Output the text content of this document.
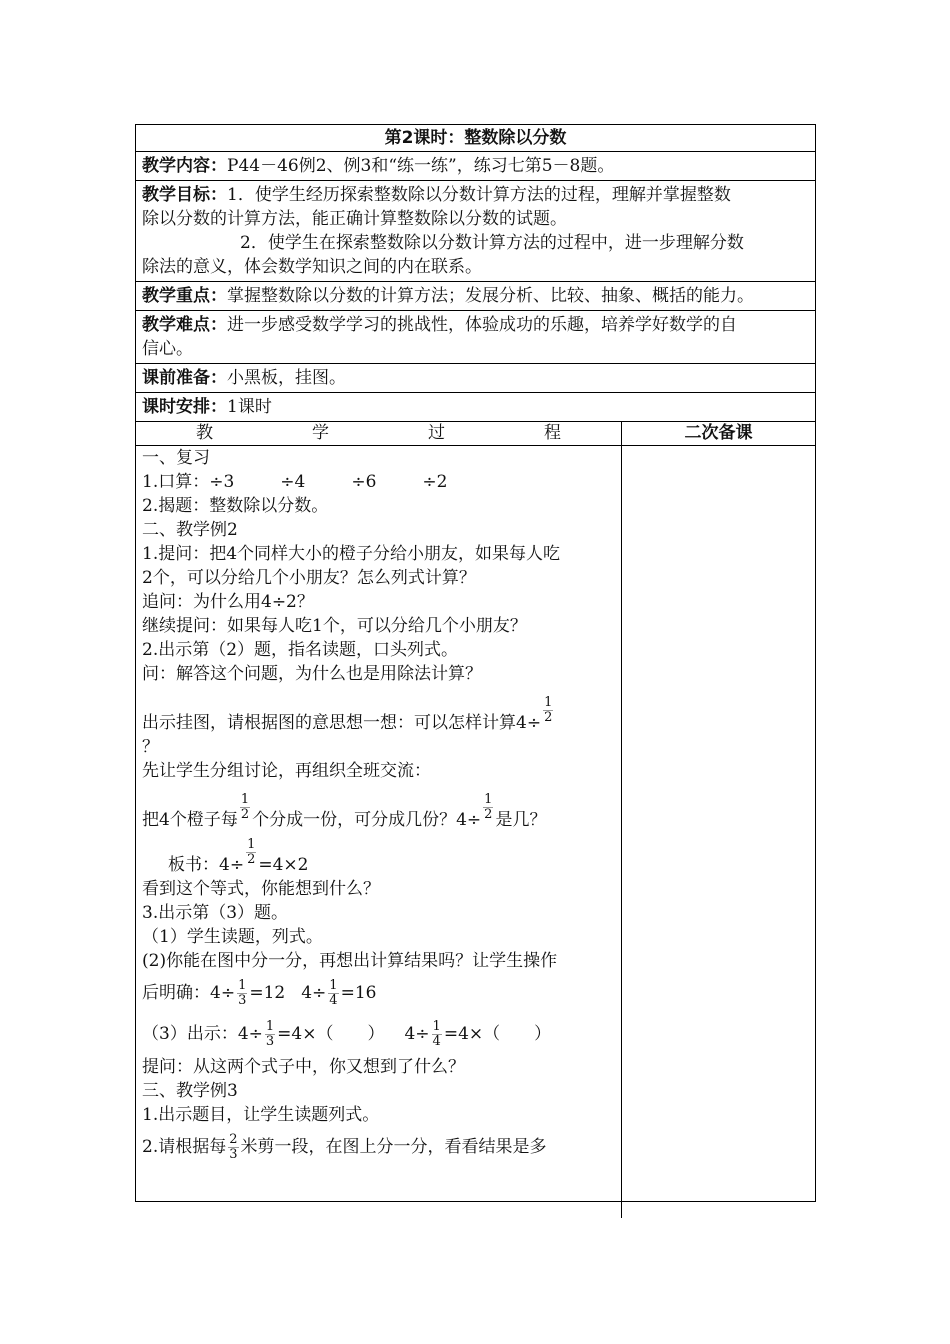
第2课时：整数除以分数
教学内容：P44－46例2、例3和“练一练”，练习七第5－8题。
教学目标：1．使学生经历探索整数除以分数计算方法的过程，理解并掌握整数
除以分数的计算方法，能正确计算整数除以分数的试题。
2．使学生在探索整数除以分数计算方法的过程中，进一步理解分数
除法的意义，体会数学知识之间的内在联系。
教学重点：掌握整数除以分数的计算方法；发展分析、比较、抽象、概括的能力。
教学难点：进一步感受数学学习的挑战性，体验成功的乐趣，培养学好数学的自
信心。
课前准备：小黑板，挂图。
课时安排：1课时
教	学	过	程	二次备课
一、复习
1.口算：÷3	÷4	÷6	÷2
2.揭题：整数除以分数。
二、教学例2
1.提问：把4个同样大小的橙子分给小朋友，如果每人吃
2个，可以分给几个小朋友？怎么列式计算？
追问：为什么用4÷2？
继续提问：如果每人吃1个，可以分给几个小朋友？
2.出示第（2）题，指名读题，口头列式。
问：解答这个问题，为什么也是用除法计算？
出示挂图，请根据图的意思想一想：可以怎样计算$4\div \frac{1}{2}$
？
先让学生分组讨论，再组织全班交流：
把4个橙子每 $\frac{1}{2}$ 个分成一份，可分成几份？$4\div \frac{1}{2}$ 是几？
板书：$4\div \frac{1}{2} =4\times 2$
看到这个等式，你能想到什么？
3.出示第（3）题。
（1）学生读题，列式。
(2)你能在图中分一分，再想出计算结果吗？让学生操作
后明确：$4\div \frac{1}{3} =12$ $4\div \frac{1}{4} =16$
（3）出示：$4\div \frac{1}{3} =4\times$（　　） $4\div \frac{1}{4} =4\times$（　　）
提问：从这两个式子中，你又想到了什么？
三、教学例3
1.出示题目，让学生读题列式。
2.请根据每 $\frac{2}{3}$ 米剪一段，在图上分一分，看看结果是多
